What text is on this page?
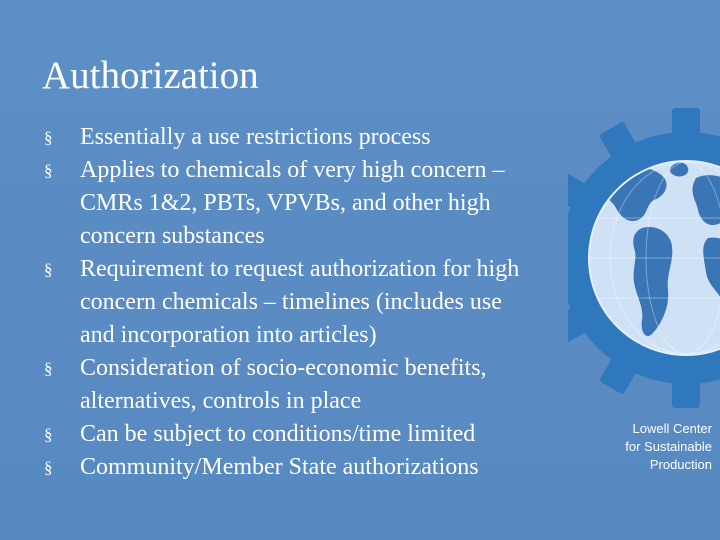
Authorization
§ Essentially a use restrictions process
§ Applies to chemicals of very high concern –
CMRs 1&2, PBTs, VPVBs, and other high
concern substances
§ Requirement to request authorization for high
concern chemicals – timelines (includes use
and incorporation into articles)
§ Consideration of socio-economic benefits,
alternatives, controls in place
§ Can be subject to conditions/time limited
§ Community/Member State authorizations
Lowell Center
for Sustainable
Production
